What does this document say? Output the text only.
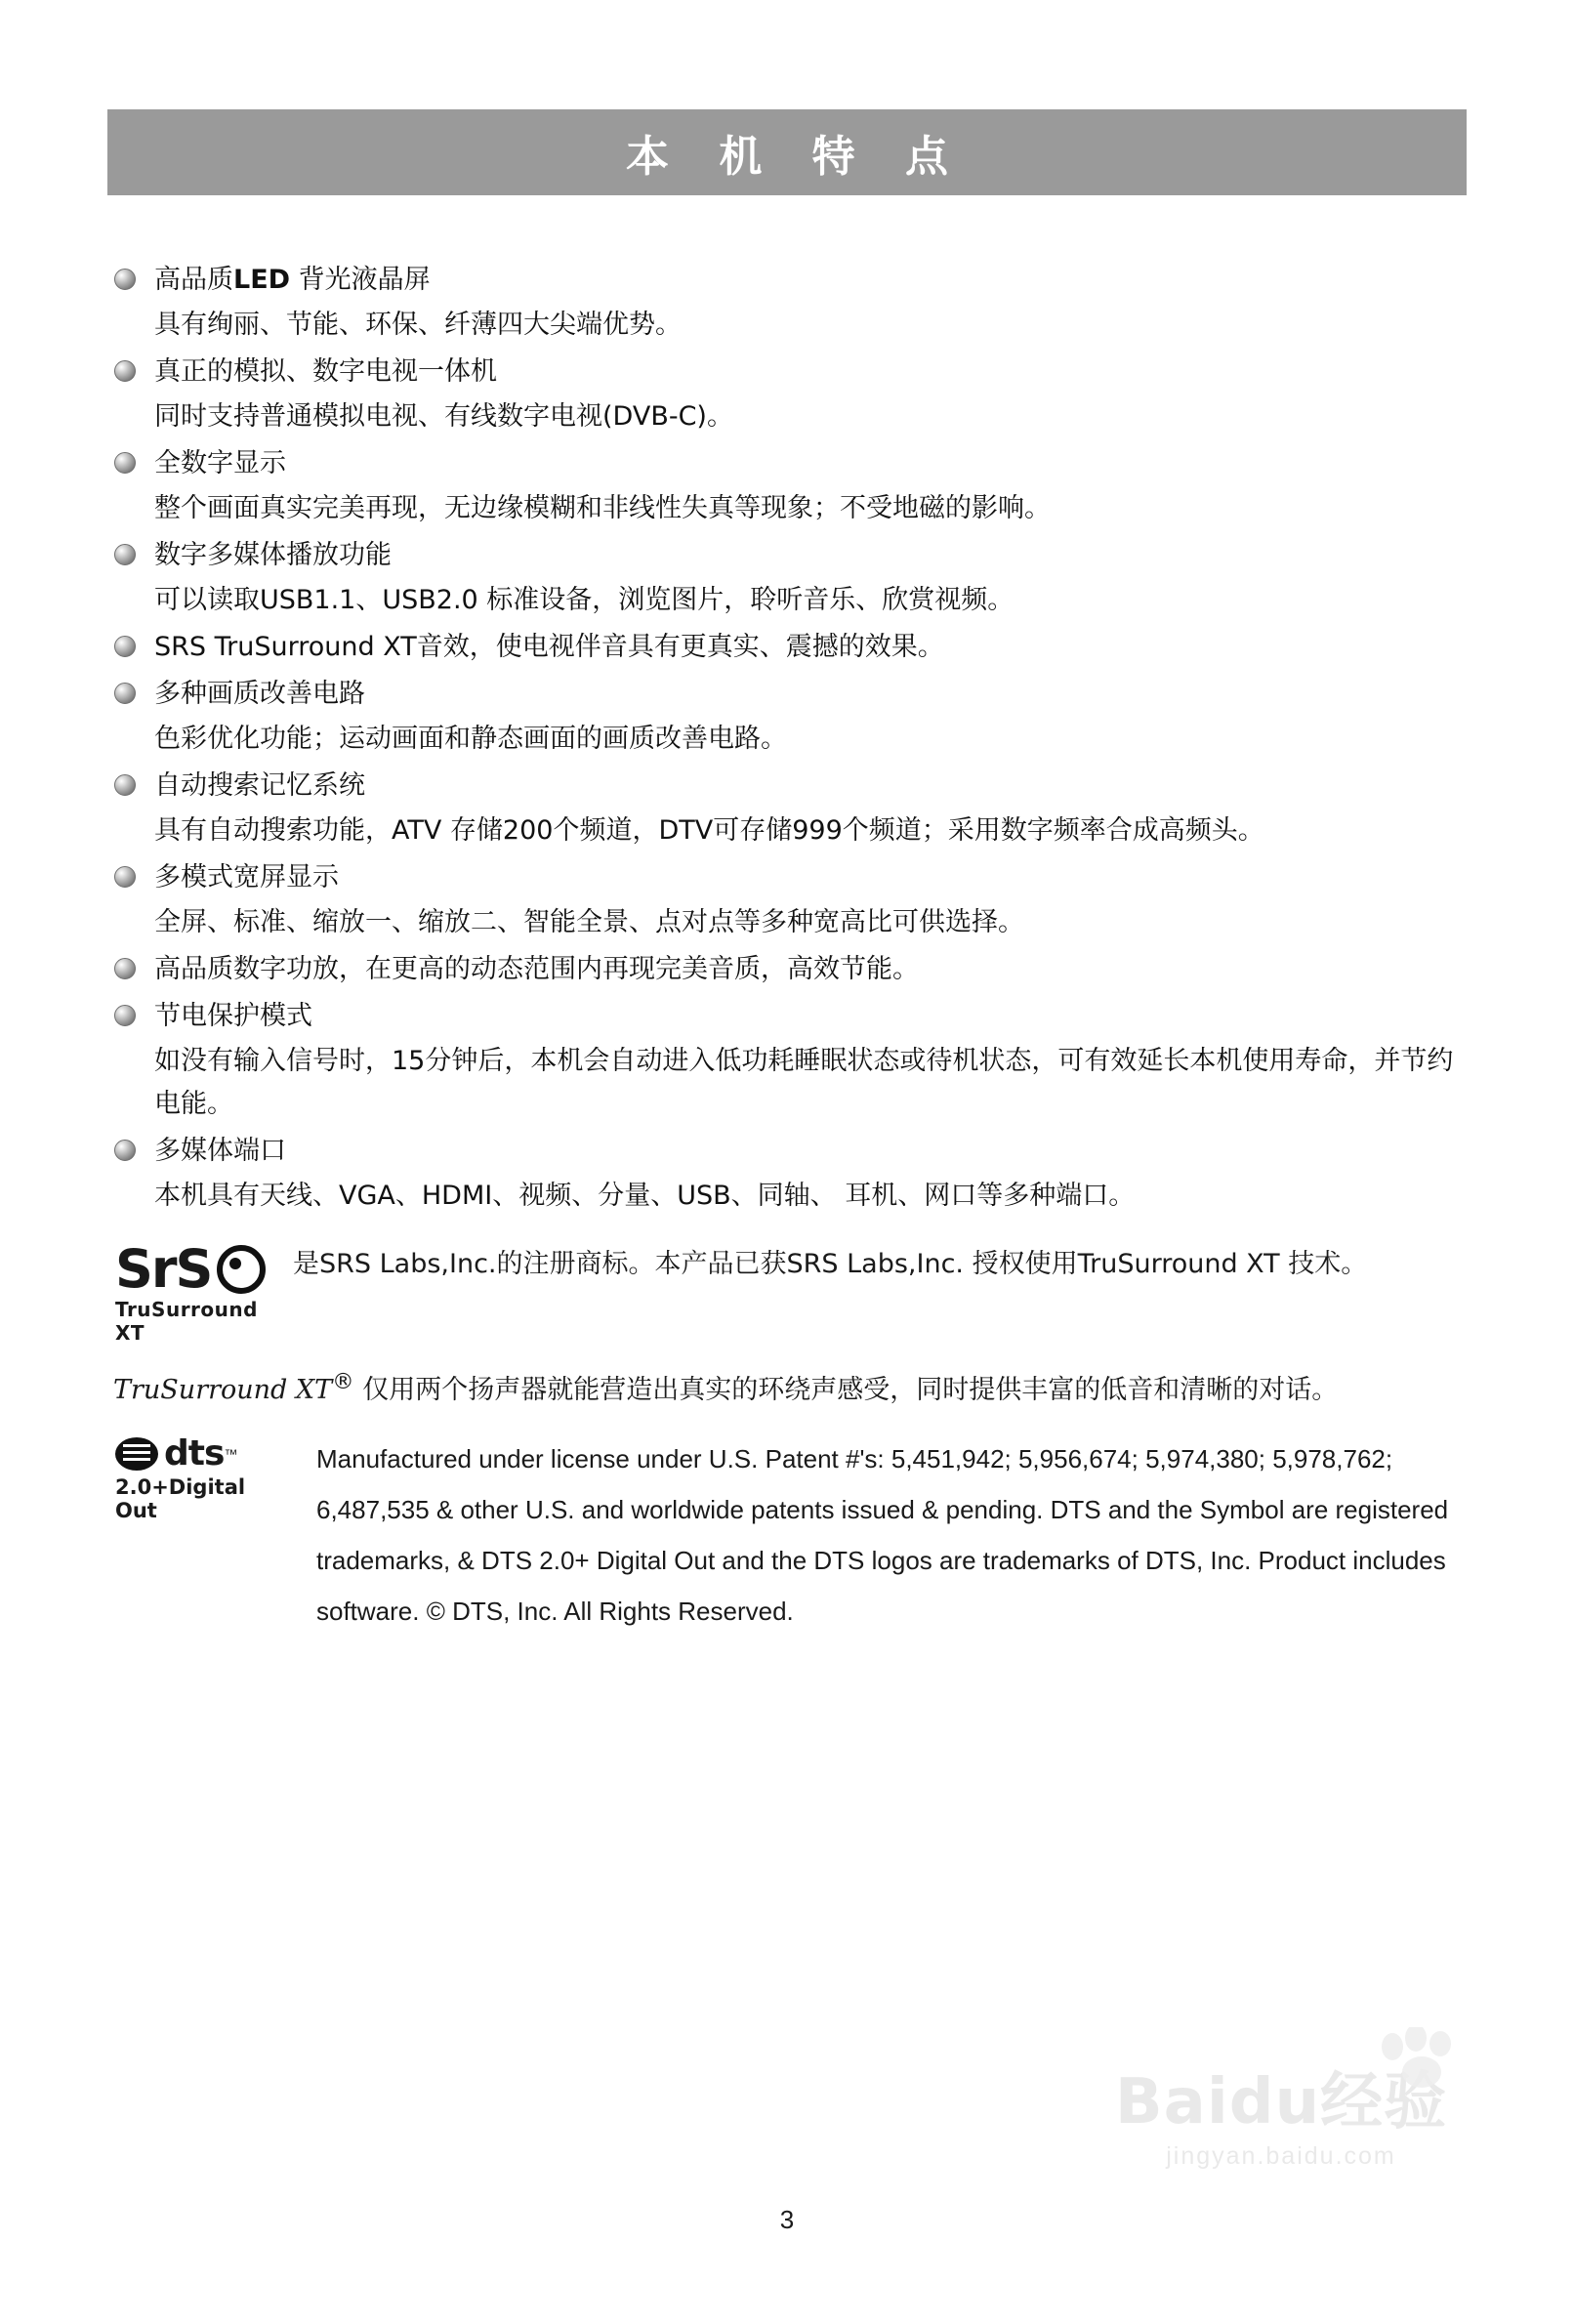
本 机 特 点
高品质LED 背光液晶屏
具有绚丽、节能、环保、纤薄四大尖端优势。
真正的模拟、数字电视一体机
同时支持普通模拟电视、有线数字电视(DVB-C)。
全数字显示
整个画面真实完美再现，无边缘模糊和非线性失真等现象；不受地磁的影响。
数字多媒体播放功能
可以读取USB1.1、USB2.0 标准设备，浏览图片，聆听音乐、欣赏视频。
SRS TruSurround XT音效，使电视伴音具有更真实、震撼的效果。
多种画质改善电路
色彩优化功能；运动画面和静态画面的画质改善电路。
自动搜索记忆系统
具有自动搜索功能，ATV 存储200个频道，DTV可存储999个频道；采用数字频率合成高频头。
多模式宽屏显示
全屏、标准、缩放一、缩放二、智能全景、点对点等多种宽高比可供选择。
高品质数字功放，在更高的动态范围内再现完美音质，高效节能。
节电保护模式
如没有输入信号时，15分钟后，本机会自动进入低功耗睡眠状态或待机状态，可有效延长本机使用寿命，并节约电能。
多媒体端口
本机具有天线、VGA、HDMI、视频、分量、USB、同轴、 耳机、网口等多种端口。
SrS
TruSurround XT
是SRS Labs,Inc.的注册商标。本产品已获SRS Labs,Inc. 授权使用TruSurround XT 技术。
TruSurround XT® 仅用两个扬声器就能营造出真实的环绕声感受，同时提供丰富的低音和清晰的对话。
dts ™
2.0+Digital Out
Manufactured under license under U.S. Patent #'s: 5,451,942; 5,956,674; 5,974,380; 5,978,762; 6,487,535 & other U.S. and worldwide patents issued & pending. DTS and the Symbol are registered trademarks, & DTS 2.0+ Digital Out and the DTS logos are trademarks of DTS, Inc. Product includes software. © DTS, Inc. All Rights Reserved.
Baidu经验
jingyan.baidu.com
3
